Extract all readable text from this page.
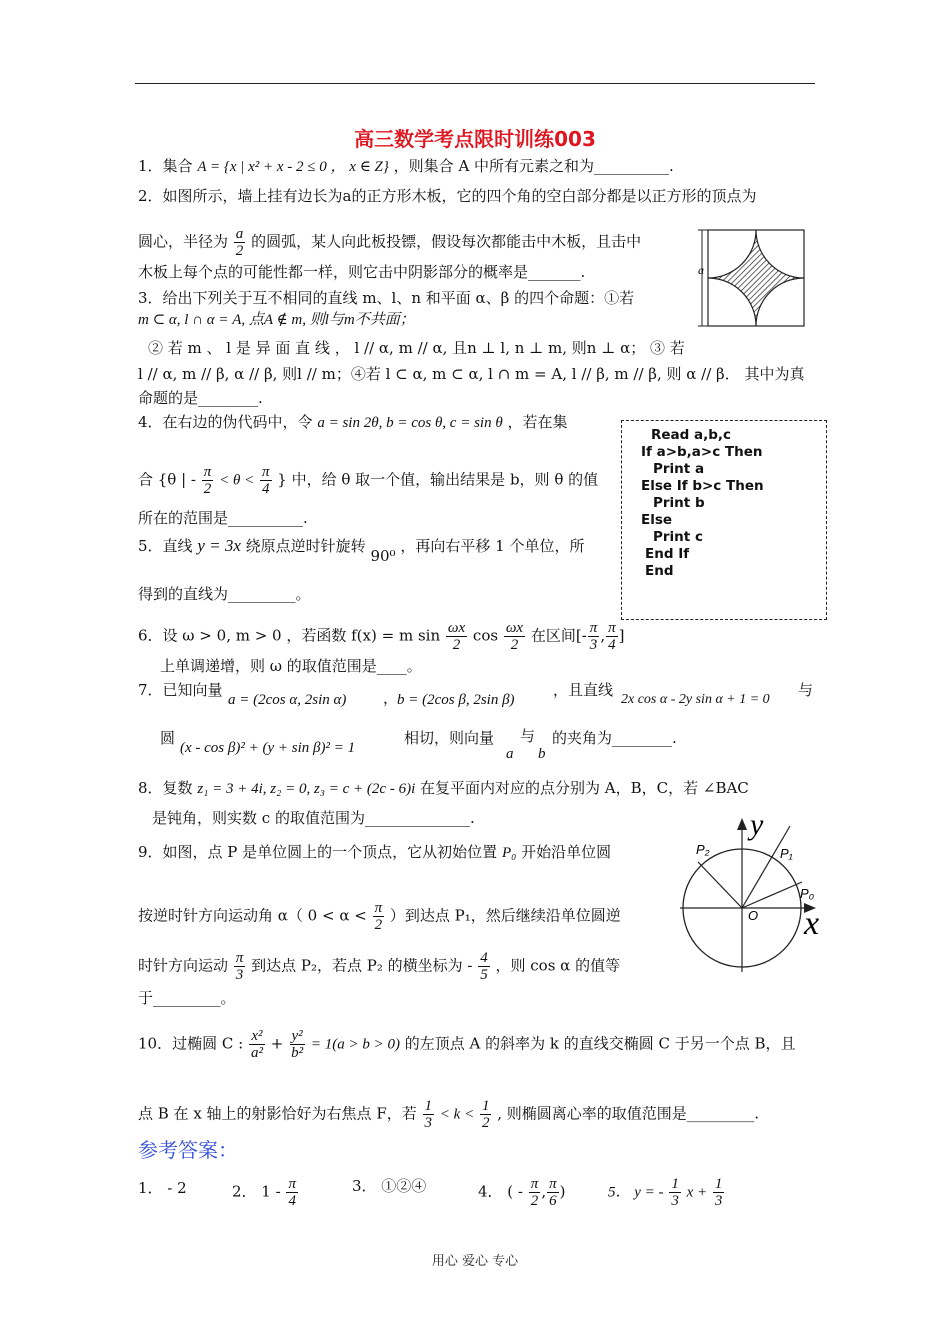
高三数学考点限时训练003
1．集合 A = {x | x² + x - 2 ≤ 0 ， x ∈ Z} ，则集合 A 中所有元素之和为__________.
2．如图所示，墙上挂有边长为a的正方形木板，它的四个角的空白部分都是以正方形的顶点为
圆心，半径为 $\frac{a}{2}$ 的圆弧，某人向此板投镖，假设每次都能击中木板，且击中
木板上每个点的可能性都一样，则它击中阴影部分的概率是_______.	a
3．给出下列关于互不相同的直线 m、l、n 和平面 α、β 的四个命题：①若
m ⊂ α, l ∩ α = A, 点A ∉ m, 则l与m不共面；
② 若 m 、 l 是 异 面 直 线 ， l // α, m // α, 且n ⊥ l, n ⊥ m, 则n ⊥ α； ③ 若
l // α, m // β, α // β, 则l // m；④若 l ⊂ α, m ⊂ α, l ∩ m = A, l // β, m // β, 则 α // β． 其中为真
命题的是________.
4．在右边的伪代码中，令 a = sin 2θ, b = cos θ, c = sin θ ，若在集
合 {θ | - $\frac{\pi}{2} < \theta < \frac{\pi}{4}$ } 中，给 θ 取一个值，输出结果是 b，则 θ 的值
所在的范围是__________.
Read a,b,c
If a>b,a>c Then
Print a
Else If b>c Then
Print b
Else
Print c
End If
End
5．直线 y = 3x 绕原点逆时针旋转 90⁰ ，再向右平移 1 个单位，所
得到的直线为_________。
6．设 ω > 0, m > 0 ，若函数 f(x) = m $\sin \frac{\omega x}{2}$ $\cos \frac{\omega x}{2}$ 在区间[- $\frac{\pi}{3}$ , $\frac{\pi}{4}$ ]
上单调递增，则 ω 的取值范围是____。
7．已知向量
a = (2cos α, 2sin α) ，
b = (2cos β, 2sin β)
，且直线
2x cos α - 2y sin α + 1 = 0
与
圆
(x - cos β)² + (y + sin β)² = 1
相切，则向量
a
与
b
的夹角为________.
8．复数 z₁ = 3 + 4i, z₂ = 0, z₃ = c + (2c - 6)i 在复平面内对应的点分别为 A，B，C，若 ∠BAC
是钝角，则实数 c 的取值范围为______________.
9．如图，点 P 是单位圆上的一个顶点，它从初始位置 P₀ 开始沿单位圆
按逆时针方向运动角 α（ $0 < \alpha < \frac{\pi}{2}$ ）到达点 P₁，然后继续沿单位圆逆
时针方向运动 $\frac{\pi}{3}$ 到达点 P₂，若点 P₂ 的横坐标为 - $\frac{4}{5}$ ，则 cos α 的值等
于_________。
y
x
O
P₀
P₁
P₂
10．过椭圆 C : $\frac{\text{x²}}{\text{a²}} + \frac{\text{y²}}{\text{b²}} = 1(a > b > 0)$ 的左顶点 A 的斜率为 k 的直线交椭圆 C 于另一个点 B，且
点 B 在 x 轴上的射影恰好为右焦点 F，若 $\frac{1}{3} < k < \frac{1}{2}$ , 则椭圆离心率的取值范围是_________.
参考答案：
1． - 2	2． $1 - \frac{\pi}{4}$	3． ①②④	4． ( - $\frac{\pi}{2}$ , $\frac{\pi}{6}$ )	5． y = - $\frac{1}{3}$ $x + \frac{1}{3}$
用心 爱心 专心
